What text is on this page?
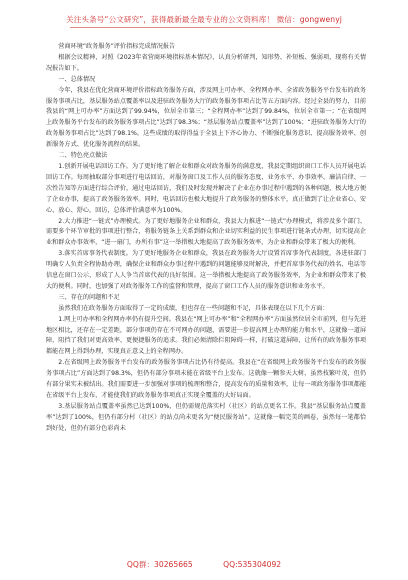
关注头条号“公文研究”，获得最新最全最专业的公文资料库！ 微信：gongwenyj

营商环境“政务服务”评价指标完成情况报告

根据会议精神，对照《2023年省营商环境指标基本情况》，认真分析研判，知形势、补短板、强弱项，现将有关情况报告如下。

一、总体情况

今年，我县在优化营商环境评价指标政务服务方面，涉及网上可办率、全程网办率、全省政务服务平台发布的政务服务事项占比，基层服务站点覆盖率以及进驻政务服务大厅的政务服务事项占比等五方面内容。经过全县的努力，目前我县的“网上可办率”方面达到了99.94%，位居全市第三；“全程网办率”达到了99.84%，位居全市第一；“在省级网上政务服务平台发布的政务服务事项占比”达到了98.3%；“基层服务站点覆盖率”达到了100%；“进驻政务服务大厅的政务服务事项占比”达到了98.1%。这些成绩的取得得益于全县上下齐心协力、不断强化服务意识、提高服务效率、创新服务方式、优化服务流程的结果。

二、特色亮点做法

1.创新开展电话回访工作。为了更好地了解企业和群众对政务服务的满意度，我县定期组织窗口工作人员开展电话回访工作。每周抽取部分事项进行电话回访，对服务窗口及工作人员的服务态度、业务水平、办事效率、廉洁自律、一次性告知等方面进行综合评价，通过电话回访，我们及时发现并解决了企业在办事过程中遇到的各种问题，极大地方便了企业办事，提高了政务服务效率。同时，电话回访也极大地提升了政务服务的整体水平，真正做到了让企业省心、安心、放心、舒心，回访，总体评价满意率为100%。

2.大力推进“一链式”办理模式。为了更好地服务企业和群众，我县大力推进“一链式”办理模式，将涉及多个部门、需要多个环节审批的事项进行整合，将服务链条上关系到群众和企业切实利益的民生事项进行链条式办理，切实提高企业和群众办事效率，“进一扇门，办所有事”这一举措极大地提高了政务服务效率，为企业和群众带来了极大的便利。

3.落实首席事务代表制度。为了更好地服务企业和群众，我县在政务服务大厅设置首席事务代表制度，各进驻部门明确专人负责全程协助办理，确保企业和群众办事过程中遇到的问题能够及时解决，并把首席事务代表的姓名、电话等信息在窗口公示，形成了人人争当首席代表的良好氛围。这一举措极大地提高了政务服务效率，为企业和群众带来了极大的便利。同时，也加强了对政务服务工作的监督和管理，提高了窗口工作人员的服务意识和业务水平。

三、存在的问题和不足

虽然我们在政务服务方面取得了一定的成绩，但也存在一些问题和不足，具体表现在以下几个方面：

1.网上可办率和全程网办率仍有提升空间。我县在“网上可办率”和“全程网办率”方面虽然位居全市前列，但与先进地区相比，还存在一定差距，部分事项仍存在不可网办的问题，需要进一步提高网上办理的能力和水平，这就像一道屏障，阻挡了我们对更高效率、更便捷服务的追求。我们必须清除拦阻障碍一样，打破这道屏障，让所有的政务服务事项都能在网上得到办理，实现真正意义上的全程网办。

2.在省级网上政务服务平台发布的政务服务事项占比仍有待提高。我县在“在省级网上政务服务平台发布的政务服务事项占比”方面达到了98.3%，但仍有部分事项未能在省级平台上发布。这就像一颗参天大树，虽然枝繁叶茂，但仍有部分果实未被结出。我们需要进一步加强对事项的梳理和整合，提高发布的质量和效率，让每一项政务服务事项都能在省级平台上发布，才能使我们的政务服务事项真正实现全覆盖的大好局面。

3.基层服务站点覆盖率虽然已达到100%，但仍需规范落实村（社区）的站点更名工作。我县“基层服务站点覆盖率”达到了100%，但仍有部分村（社区）的站点尚未更名为“便民服务站”。这就像一幅完美的画卷，虽然每一笔都恰到好处，但仍有部分色彩尚未

QQ群：30265665	QQ:535304092
